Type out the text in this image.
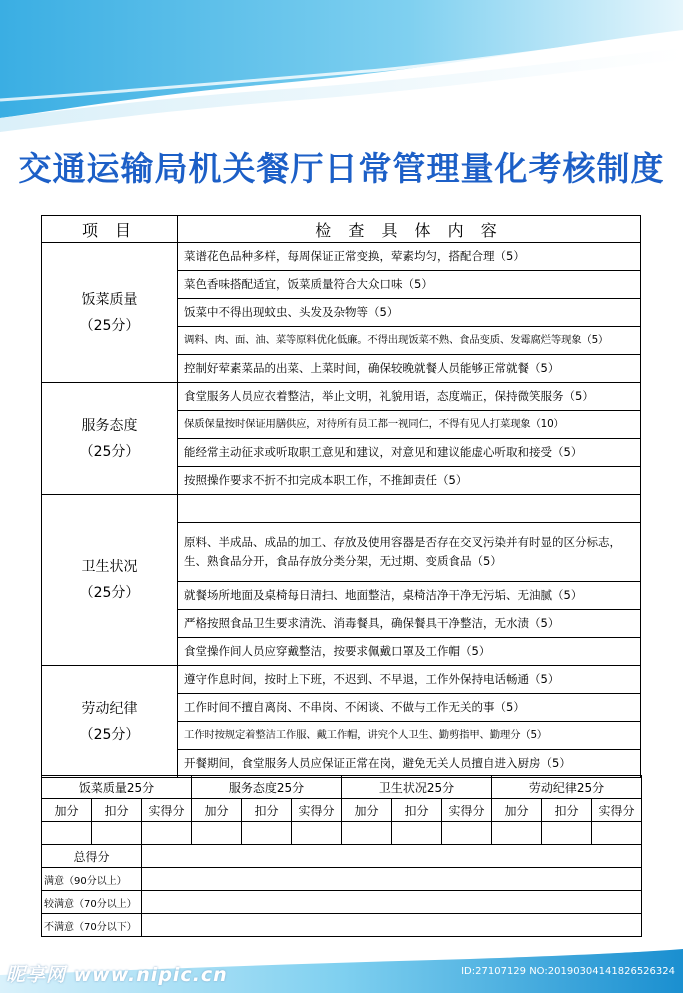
交通运输局机关餐厅日常管理量化考核制度
项 目	检 查 具 体 内 容

饭菜质量
（25分）	菜谱花色品种多样，每周保证正常变换，荤素均匀，搭配合理（5）
	菜色香味搭配适宜，饭菜质量符合大众口味（5）
	饭菜中不得出现蚊虫、头发及杂物等（5）
	调料、肉、面、油、菜等原料优化低廉。不得出现饭菜不熟、食品变质、发霉腐烂等现象（5）
	控制好荤素菜品的出菜、上菜时间，确保较晚就餐人员能够正常就餐（5）

服务态度
（25分）	食堂服务人员应衣着整洁，举止文明，礼貌用语，态度端正，保持微笑服务（5）
	保质保量按时保证用膳供应，对待所有员工都一视同仁，不得有见人打菜现象（10）
	能经常主动征求或听取职工意见和建议，对意见和建议能虚心听取和接受（5）
	按照操作要求不折不扣完成本职工作，不推卸责任（5）

卫生状况
（25分）	

	原料、半成品、成品的加工、存放及使用容器是否存在交叉污染并有时显的区分标志，生、熟食品分开，食品存放分类分架，无过期、变质食品（5）
	就餐场所地面及桌椅每日清扫、地面整洁，桌椅洁净干净无污垢、无油腻（5）
	严格按照食品卫生要求清洗、消毒餐具，确保餐具干净整洁，无水渍（5）
	食堂操作间人员应穿戴整洁，按要求佩戴口罩及工作帽（5）

劳动纪律
（25分）	遵守作息时间，按时上下班，不迟到、不早退，工作外保持电话畅通（5）
	工作时间不擅自离岗、不串岗、不闲谈、不做与工作无关的事（5）
	工作时按规定着整洁工作服、戴工作帽，讲究个人卫生、勤剪指甲、勤理分（5）
	开餐期间，食堂服务人员应保证正常在岗，避免无关人员擅自进入厨房（5）
饭菜质量25分			服务态度25分			卫生状况25分			劳动纪律25分		
加分	扣分	实得分	加分	扣分	实得分	加分	扣分	实得分	加分	扣分	实得分

总得分											
满意（90分以上）											
较满意（70分以上）											
不满意（70分以下）											
昵享网 www.nipic.cn	ID:27107129 NO:20190304141826526324
